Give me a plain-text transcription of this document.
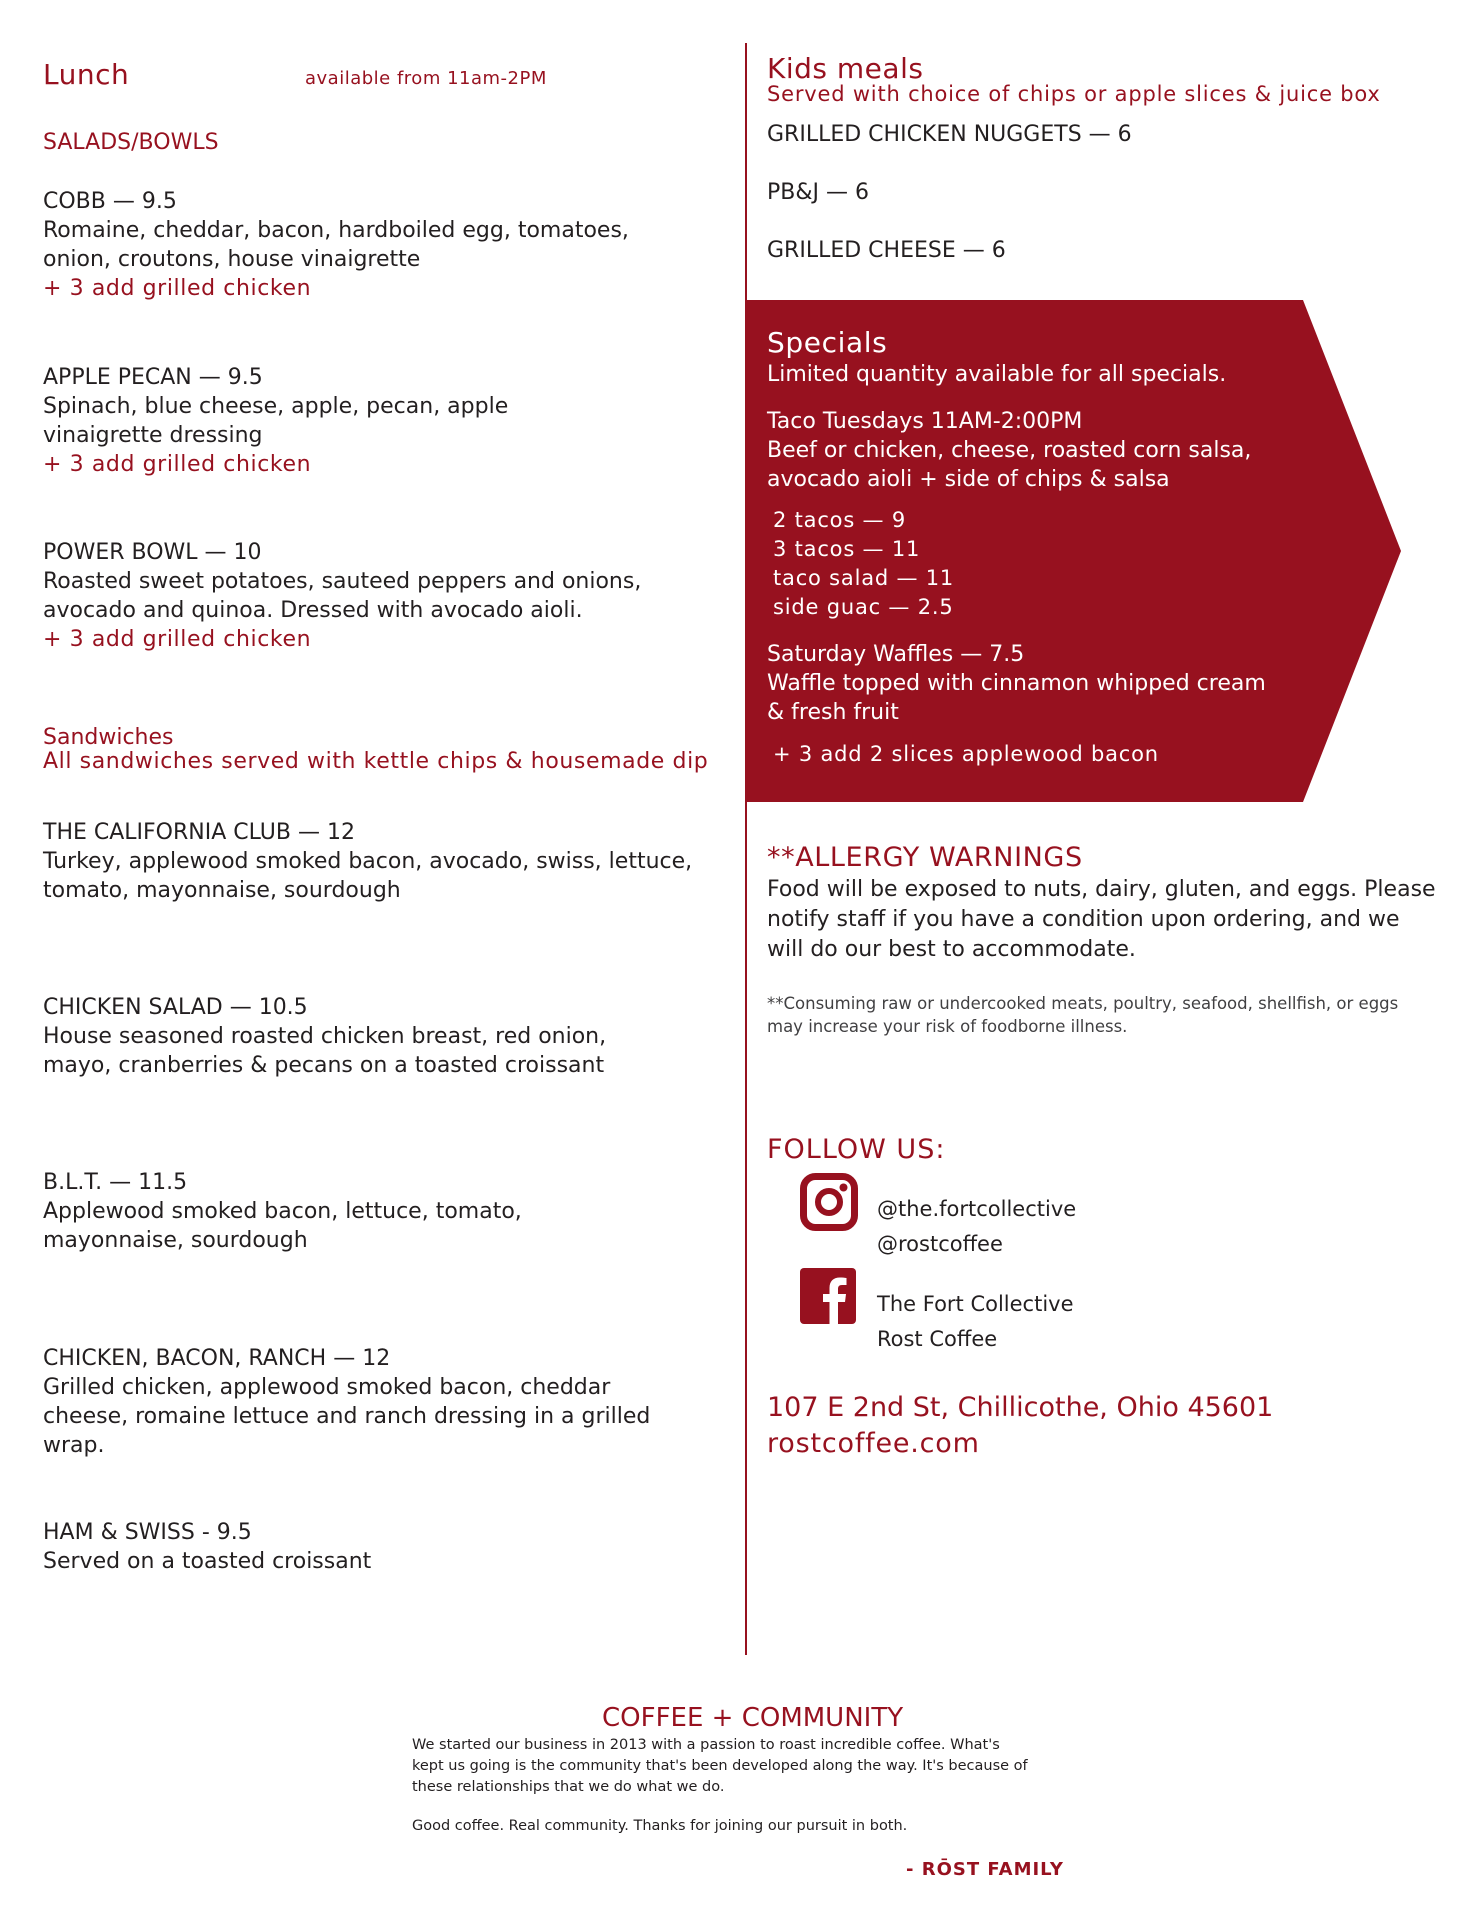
Lunch	available from 11am-2PM
SALADS/BOWLS
COBB — 9.5
Romaine, cheddar, bacon, hardboiled egg, tomatoes, onion, croutons, house vinaigrette
+ 3 add grilled chicken
APPLE PECAN — 9.5
Spinach, blue cheese, apple, pecan, apple vinaigrette dressing
+ 3 add grilled chicken
POWER BOWL — 10
Roasted sweet potatoes, sauteed peppers and onions, avocado and quinoa. Dressed with avocado aioli.
+ 3 add grilled chicken
Sandwiches
All sandwiches served with kettle chips & housemade dip
THE CALIFORNIA CLUB — 12
Turkey, applewood smoked bacon, avocado, swiss, lettuce, tomato, mayonnaise, sourdough
CHICKEN SALAD — 10.5
House seasoned roasted chicken breast, red onion, mayo, cranberries & pecans on a toasted croissant
B.L.T. — 11.5
Applewood smoked bacon, lettuce, tomato, mayonnaise, sourdough
CHICKEN, BACON, RANCH — 12
Grilled chicken, applewood smoked bacon, cheddar cheese, romaine lettuce and ranch dressing in a grilled wrap.
HAM & SWISS - 9.5
Served on a toasted croissant
Kids meals
Served with choice of chips or apple slices & juice box
GRILLED CHICKEN NUGGETS — 6
PB&J — 6
GRILLED CHEESE — 6
Specials
Limited quantity available for all specials.
Taco Tuesdays 11AM-2:00PM
Beef or chicken, cheese, roasted corn salsa,
avocado aioli + side of chips & salsa
2 tacos — 9
3 tacos — 11
taco salad — 11
side guac — 2.5
Saturday Waffles — 7.5
Waffle topped with cinnamon whipped cream
& fresh fruit
+ 3 add 2 slices applewood bacon
**ALLERGY WARNINGS
Food will be exposed to nuts, dairy, gluten, and eggs. Please notify staff if you have a condition upon ordering, and we will do our best to accommodate.
**Consuming raw or undercooked meats, poultry, seafood, shellfish, or eggs
may increase your risk of foodborne illness.
FOLLOW US:
@the.fortcollective
@rostcoffee
The Fort Collective
Rost Coffee
107 E 2nd St, Chillicothe, Ohio 45601
rostcoffee.com
COFFEE + COMMUNITY
We started our business in 2013 with a passion to roast incredible coffee. What's kept us going is the community that's been developed along the way. It's because of these relationships that we do what we do.
Good coffee. Real community. Thanks for joining our pursuit in both.
- RŌST FAMILY
